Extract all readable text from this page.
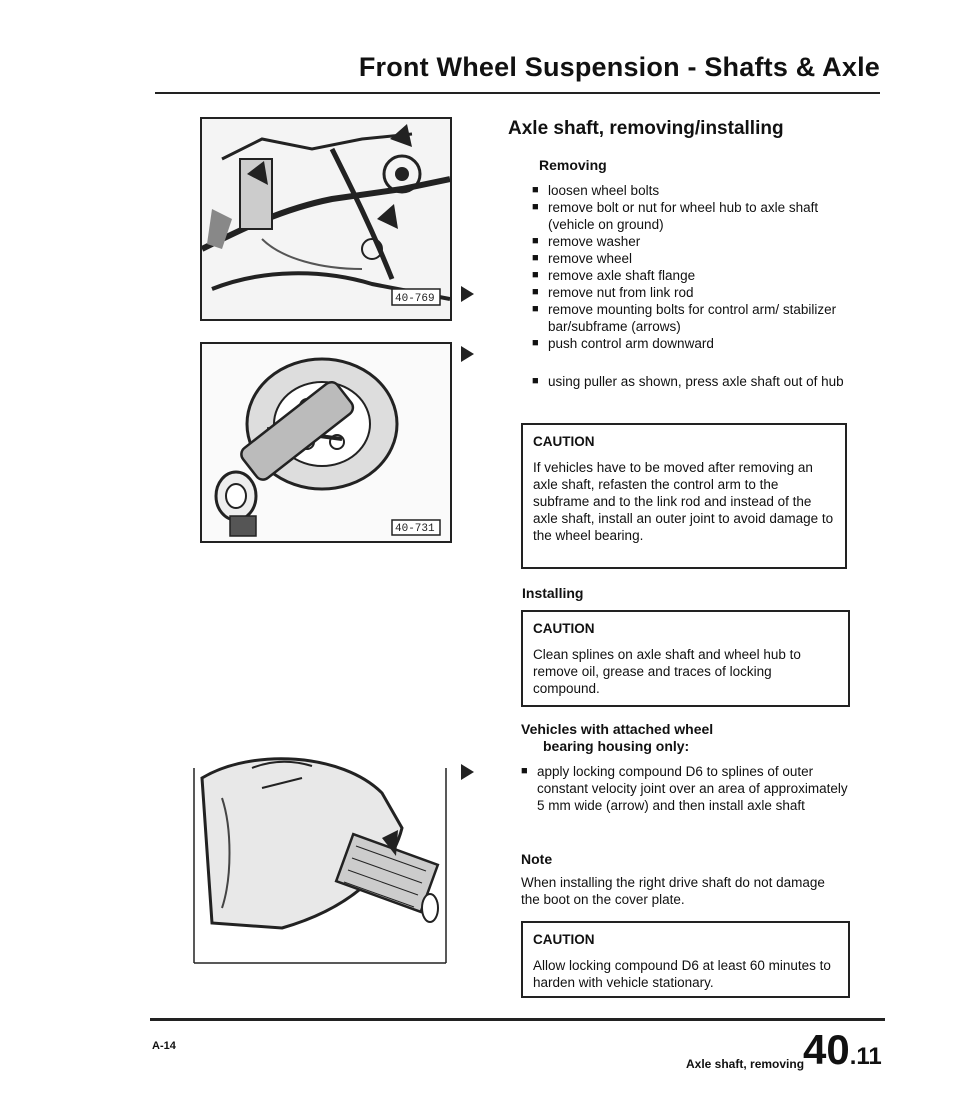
Front Wheel Suspension - Shafts & Axle
40-769
40-731
Axle shaft, removing/installing
Removing
■ loosen wheel bolts
■ remove bolt or nut for wheel hub to axle shaft (vehicle on ground)
■ remove washer
■ remove wheel
■ remove axle shaft flange
■ remove nut from link rod
■ remove mounting bolts for control arm/ stabilizer bar/subframe (arrows)
■ push control arm downward
■ using puller as shown, press axle shaft out of hub
CAUTION
If vehicles have to be moved after removing an axle shaft, refasten the control arm to the subframe and to the link rod and instead of the axle shaft, install an outer joint to avoid damage to the wheel bearing.
Installing
CAUTION
Clean splines on axle shaft and wheel hub to remove oil, grease and traces of locking compound.
Vehicles with attached wheel
bearing housing only:
■ apply locking compound D6 to splines of outer constant velocity joint over an area of approximately 5 mm wide (arrow) and then install axle shaft
Note
When installing the right drive shaft do not damage the boot on the cover plate.
CAUTION
Allow locking compound D6 at least 60 minutes to harden with vehicle stationary.
A-14
Axle shaft, removing
40.11
